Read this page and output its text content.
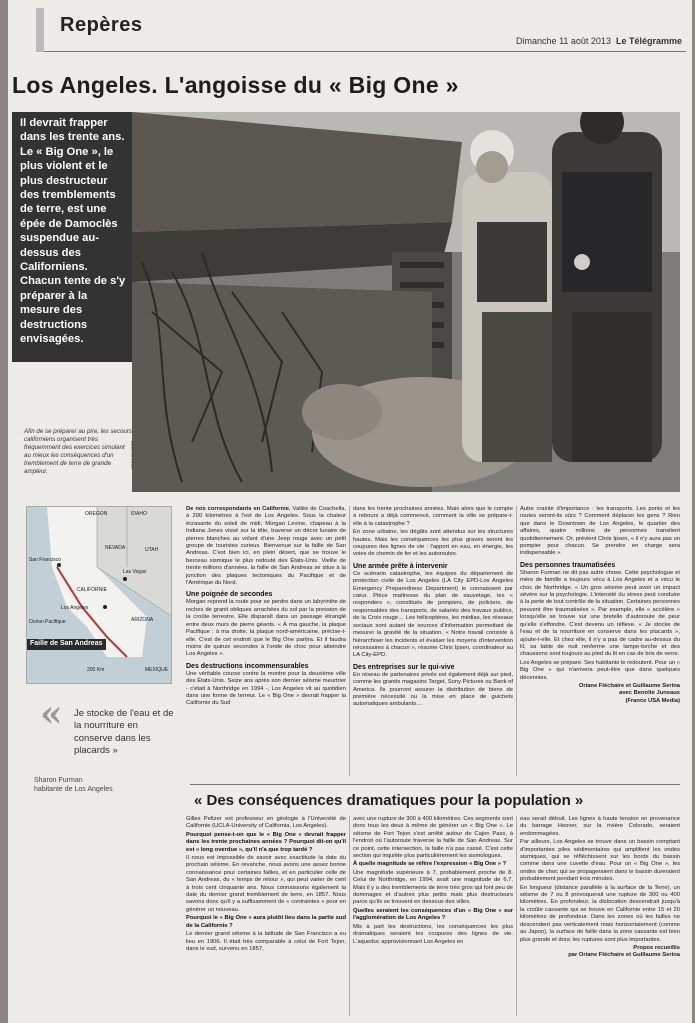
Repères
Dimanche 11 août 2013 Le Télégramme
Los Angeles. L'angoisse du « Big One »
Il devrait frapper dans les trente ans. Le « Big One », le plus violent et le plus destructeur des tremblements de terre, est une épée de Damoclès suspendue au-dessus des Californiens. Chacun tente de s'y préparer à la mesure des destructions envisagées.
Afin de se préparer au pire, les secours californiens organisent très fréquemment des exercices simulant au mieux les conséquences d'un tremblement de terre de grande ampleur.
Photo Sipa/EPA
OREGON	IDAHO
NEVADA	UTAH
San Francisco
Las Vegas
CALIFORNIE
Los Angeles
ARIZONA
Océan Pacifique
MEXIQUE
200 Km
Faille de San Andreas
«	Je stocke de l'eau et de la nourriture en conserve dans les placards »
Sharon Furman
habitante de Los Angeles

De nos correspondants en Californie. Vallée de Coachella, à 200 kilomètres à l'est de Los Angeles. Sous la chaleur écrasante du soleil de midi, Morgan Levine, chapeau à la Indiana Jones vissé sur la tête, traverse un décor lunaire de pierres blanches au volant d'une Jeep rouge avec un petit groupe de touristes curieux. Bienvenue sur la faille de San Andreas. C'est bien ici, en plein désert, que se trouve le berceau sismique le plus redouté des États-Unis. Vieille de trente millions d'années, la faille de San Andreas se situe à la jonction des plaques tectoniques du Pacifique et de l'Amérique du Nord.

Une poignée de secondes

Morgan reprend la route pour se perdre dans un labyrinthe de roches de granit obliques arrachées du sol par la pression de la croûte terrestre. Elle disparaît dans un passage étranglé entre deux murs de pierre géants. « À ma gauche, la plaque Pacifique ; à ma droite, la plaque nord-américaine, précise-t-elle. C'est de cet endroit que le Big One partira. Et il faudra moins de quinze secondes à l'onde de choc pour atteindre Los Angeles ».

Des destructions incommensurables

Une véritable course contre la montre pour la deuxième ville des États-Unis. Seize ans après son dernier séisme meurtrier - c'était à Northridge en 1994 -, Los Angeles vit au quotidien dans une forme de terreur. Le « Big One » devrait frapper la Californie du Sud

dans les trente prochaines années. Mais alors que le compte à rebours a déjà commencé, comment la ville se prépare-t-elle à la catastrophe ?

En zone urbaine, les dégâts sont attendus sur les structures hautes. Mais les conséquences les plus graves seront les coupures des lignes de vie : l'apport en eau, en énergie, les voies de chemin de fer et les autoroutes.

Une armée prête à intervenir

Ce scénario catastrophe, les équipes du département de protection civile de Los Angeles (LA City EPD-Los Angeles Emergency Preparedness Department) le connaissent par cœur. Pièce maîtresse du plan de sauvetage, les « responders », constitués de pompiers, de policiers, de responsables des transports, de salariés des travaux publics, de la Croix rouge… Les hélicoptères, les médias, les réseaux sociaux sont autant de sources d'information permettant de mesurer la gravité de la situation. « Notre travail consiste à hiérarchiser les incidents et évaluer les moyens d'intervention nécessaires à chacun », résume Chris Ipsen, coordinateur au LA City-EPD.

Des entreprises sur le qui-vive

En réseau de partenaires privés est également déjà sur pied, comme les grands magasins Target, Sony Pictures ou Bank of America. Ils pourront assurer la distribution de biens de première nécessité ou la mise en place de guichets automatiques ambulants…

Autre crainte d'importance : les transports. Les ponts et les routes seront-ils sûrs ? Comment déplacer les gens ? Rien que dans le Downtown de Los Angeles, le quartier des affaires, quatre millions de personnes transitent quotidiennement. Or, prévient Chris Ipsen, « il n'y aura pas un pompier pour chacun. Se prendre en charge sera indispensable ».

Des personnes traumatisées

Sharon Furman ne dit pas autre chose. Cette psychologue et mère de famille a toujours vécu à Los Angeles et a vécu le choc de Northridge. « Un gros séisme peut avoir un impact sévère sur la psychologie. L'intensité du stress peut conduire à la perte de tout contrôle de la situation. Certaines personnes peuvent être traumatisées ». Par exemple, elle « accélère » lorsqu'elle se trouve sur une bretelle d'autoroute de peur qu'elle s'effondre. C'est devenu un réflexe. « Je stocke de l'eau et de la nourriture en conserve dans les placards », ajoute-t-elle. Et chez elle, il n'y a pas de cadre au-dessus du lit, sa table de nuit renferme une lampe-torche et des chaussons sont toujours au pied du lit en cas de bris de verre.

Los Angeles se prépare. Ses habitants le redoutent. Pour un « Big One » qui n'arrivera peut-être que dans quelques décennies.

Oriane Fléchaire et Guillaume Serina
avec Benoîte Juneaux
(France USA Media)
« Des conséquences dramatiques pour la population »

Gilles Peltzer est professeur en géologie à l'Université de Californie (UCLA-University of California, Los Angeles).

Pourquoi pense-t-on que le « Big One » devrait frapper dans les trente prochaines années ? Pourquoi dit-on qu'il est « long overdue », qu'il n'a que trop tardé ?

Il nous est impossible de savoir avec exactitude la date du prochain séisme. En revanche, nous avons une assez bonne connaissance pour certaines failles, et en particulier celle de San Andreas, du « temps de retour », qui peut varier de cent à trois cent cinquante ans. Nous connaissons également la date du dernier grand tremblement de terre, en 1857. Nous savons donc qu'il y a suffisamment de « contraintes » pour en générer un nouveau.

Pourquoi le « Big One » aura plutôt lieu dans la partie sud de la Californie ?

Le dernier grand séisme à la latitude de San Francisco a eu lieu en 1906. Il était très comparable à celui de Fort Tejon, dans le sud, survenu en 1857,

avec une rupture de 300 à 400 kilomètres. Ces segments sont donc tous les deux à même de générer un « Big One ». Le séisme de Fort Tejon s'est arrêté autour de Cajon Pass, à l'endroit où l'autoroute traverse la faille de San Andreas. Sur ce point, cette intersection, la faille n'a pas cassé. C'est cette section qui inquiète plus particulièrement les sismologues.

À quelle magnitude se réfère l'expression « Big One » ?

Une magnitude supérieure à 7, probablement proche de 8. Celui de Northridge, en 1994, avait une magnitude de 6,7. Mais il y a des tremblements de terre très gros qui font peu de dommages et d'autres plus petits mais plus destructeurs parce qu'ils se trouvent en dessous des villes.

Quelles seraient les conséquences d'un « Big One » sur l'agglomération de Los Angeles ?

Mis à part les destructions, les conséquences les plus dramatiques seraient les coupures des lignes de vie. L'aqueduc approvisionnant Los Angeles en

eau serait détruit. Les lignes à haute tension en provenance du barrage Hoover, sur la rivière Colorado, seraient endommagées.

Par ailleurs, Los Angeles se trouve dans un bassin comptant d'importantes piles sédimentaires qui amplifient les ondes sismiques, qui se réfléchissent sur les bords du bassin comme dans une cuvette d'eau. Pour un « Big One », les ondes de choc qui se propageraient dans le bassin dureraient probablement pendant trois minutes.

En longueur (distance parallèle à la surface de la Terre), un séisme de 7 ou 8 provoquerait une rupture de 300 ou 400 kilomètres. En profondeur, la dislocation descendrait jusqu'à la croûte cassante qui se trouve en Californie entre 15 et 20 kilomètres de profondeur. Dans les zones où les failles ne descendent pas verticalement mais horizontalement (comme au Japon), la surface de faille dans la zone cassante est bien plus grande et donc les ruptures sont plus importantes.

Propos recueillis
par Oriane Fléchaire et Guillaume Serina
